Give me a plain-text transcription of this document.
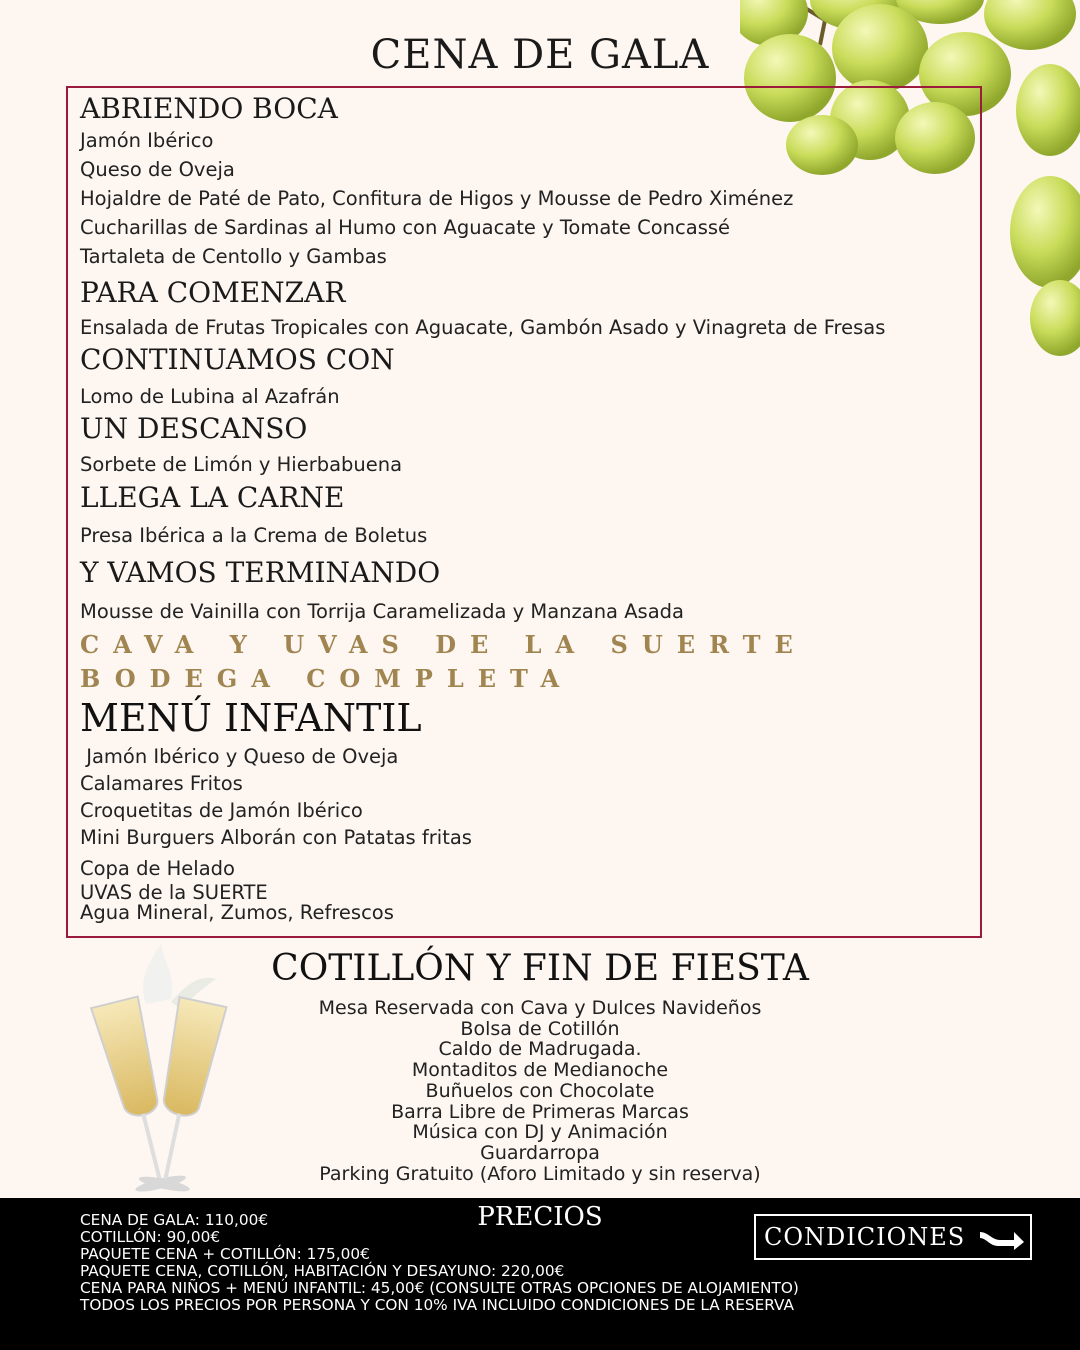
CENA DE GALA
ABRIENDO BOCA
Jamón Ibérico
Queso de Oveja
Hojaldre de Paté de Pato, Confitura de Higos y Mousse de Pedro Ximénez
Cucharillas de Sardinas al Humo con Aguacate y Tomate Concassé
Tartaleta de Centollo y Gambas
PARA COMENZAR
Ensalada de Frutas Tropicales con Aguacate, Gambón Asado y Vinagreta de Fresas
CONTINUAMOS CON
Lomo de Lubina al Azafrán
UN DESCANSO
Sorbete de Limón y Hierbabuena
LLEGA LA CARNE
Presa Ibérica a la Crema de Boletus
Y VAMOS TERMINANDO
Mousse de Vainilla con Torrija Caramelizada y Manzana Asada
CAVA Y UVAS DE LA SUERTE
BODEGA COMPLETA
MENÚ INFANTIL
Jamón Ibérico y Queso de Oveja
Calamares Fritos
Croquetitas de Jamón Ibérico
Mini Burguers Alborán con Patatas fritas
Copa de Helado
UVAS de la SUERTE
Agua Mineral, Zumos, Refrescos
COTILLÓN Y FIN DE FIESTA
Mesa Reservada con Cava y Dulces Navideños
Bolsa de Cotillón
Caldo de Madrugada.
Montaditos de Medianoche
Buñuelos con Chocolate
Barra Libre de Primeras Marcas
Música con DJ y Animación
Guardarropa
Parking Gratuito (Aforo Limitado y sin reserva)
PRECIOS
CENA DE GALA: 110,00€
COTILLÓN: 90,00€
PAQUETE CENA + COTILLÓN: 175,00€
PAQUETE CENA, COTILLÓN, HABITACIÓN Y DESAYUNO: 220,00€
CENA PARA NIÑOS + MENÚ INFANTIL: 45,00€ (CONSULTE OTRAS OPCIONES DE ALOJAMIENTO)
TODOS LOS PRECIOS POR PERSONA Y CON 10% IVA INCLUIDO CONDICIONES DE LA RESERVA
CONDICIONES
